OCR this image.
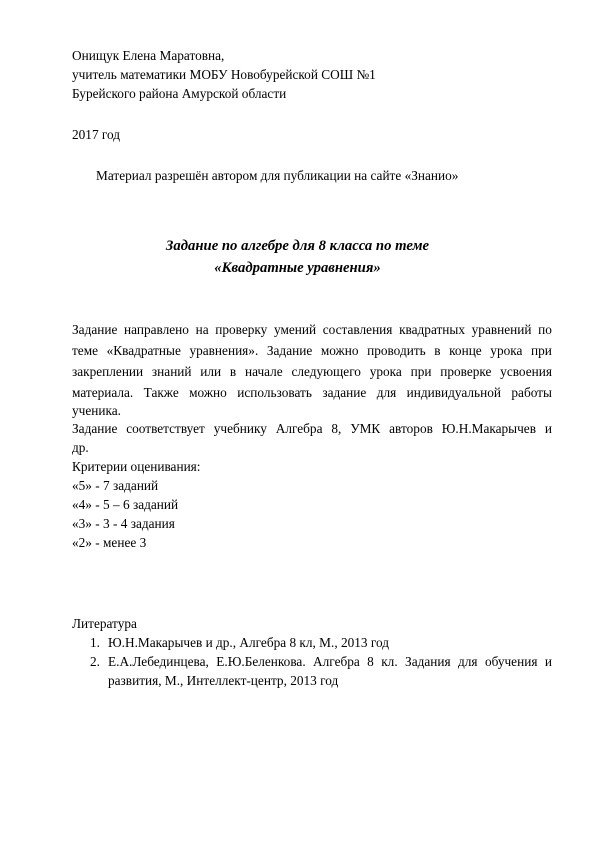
Онищук Елена Маратовна,
учитель математики МОБУ Новобурейской СОШ №1
Бурейского района Амурской области
2017 год
Материал разрешён автором для публикации на сайте «Знанио»
Задание по алгебре для 8 класса по теме
«Квадратные уравнения»
Задание направлено на проверку умений составления квадратных уравнений по
теме «Квадратные уравнения». Задание можно проводить в конце урока при
закреплении знаний или в начале следующего урока при проверке усвоения
материала. Также можно использовать задание для индивидуальной работы
ученика.
Задание соответствует учебнику Алгебра 8, УМК авторов Ю.Н.Макарычев и
др.
Критерии оценивания:
«5» - 7 заданий
«4» - 5 – 6 заданий
«3» - 3 - 4 задания
«2» - менее 3
Литература
1. Ю.Н.Макарычев и др., Алгебра 8 кл, М., 2013 год
2. Е.А.Лебединцева, Е.Ю.Беленкова. Алгебра 8 кл. Задания для обучения и
развития, М., Интеллект-центр, 2013 год
